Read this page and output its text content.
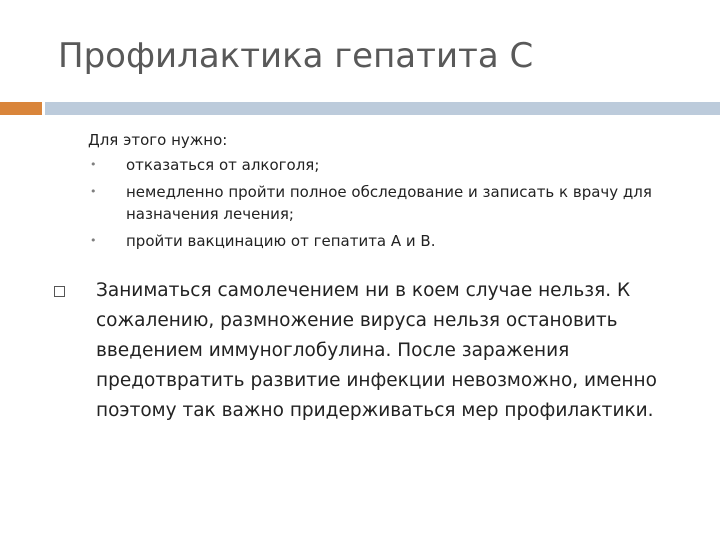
Профилактика гепатита С
Для этого нужно:
• отказаться от алкоголя;
• немедленно пройти полное обследование и записать к врачу для назначения лечения;
• пройти вакцинацию от гепатита А и В.
Заниматься самолечением ни в коем случае нельзя. К сожалению, размножение вируса нельзя остановить введением иммуноглобулина. После заражения предотвратить развитие инфекции невозможно, именно поэтому так важно придерживаться мер профилактики.
